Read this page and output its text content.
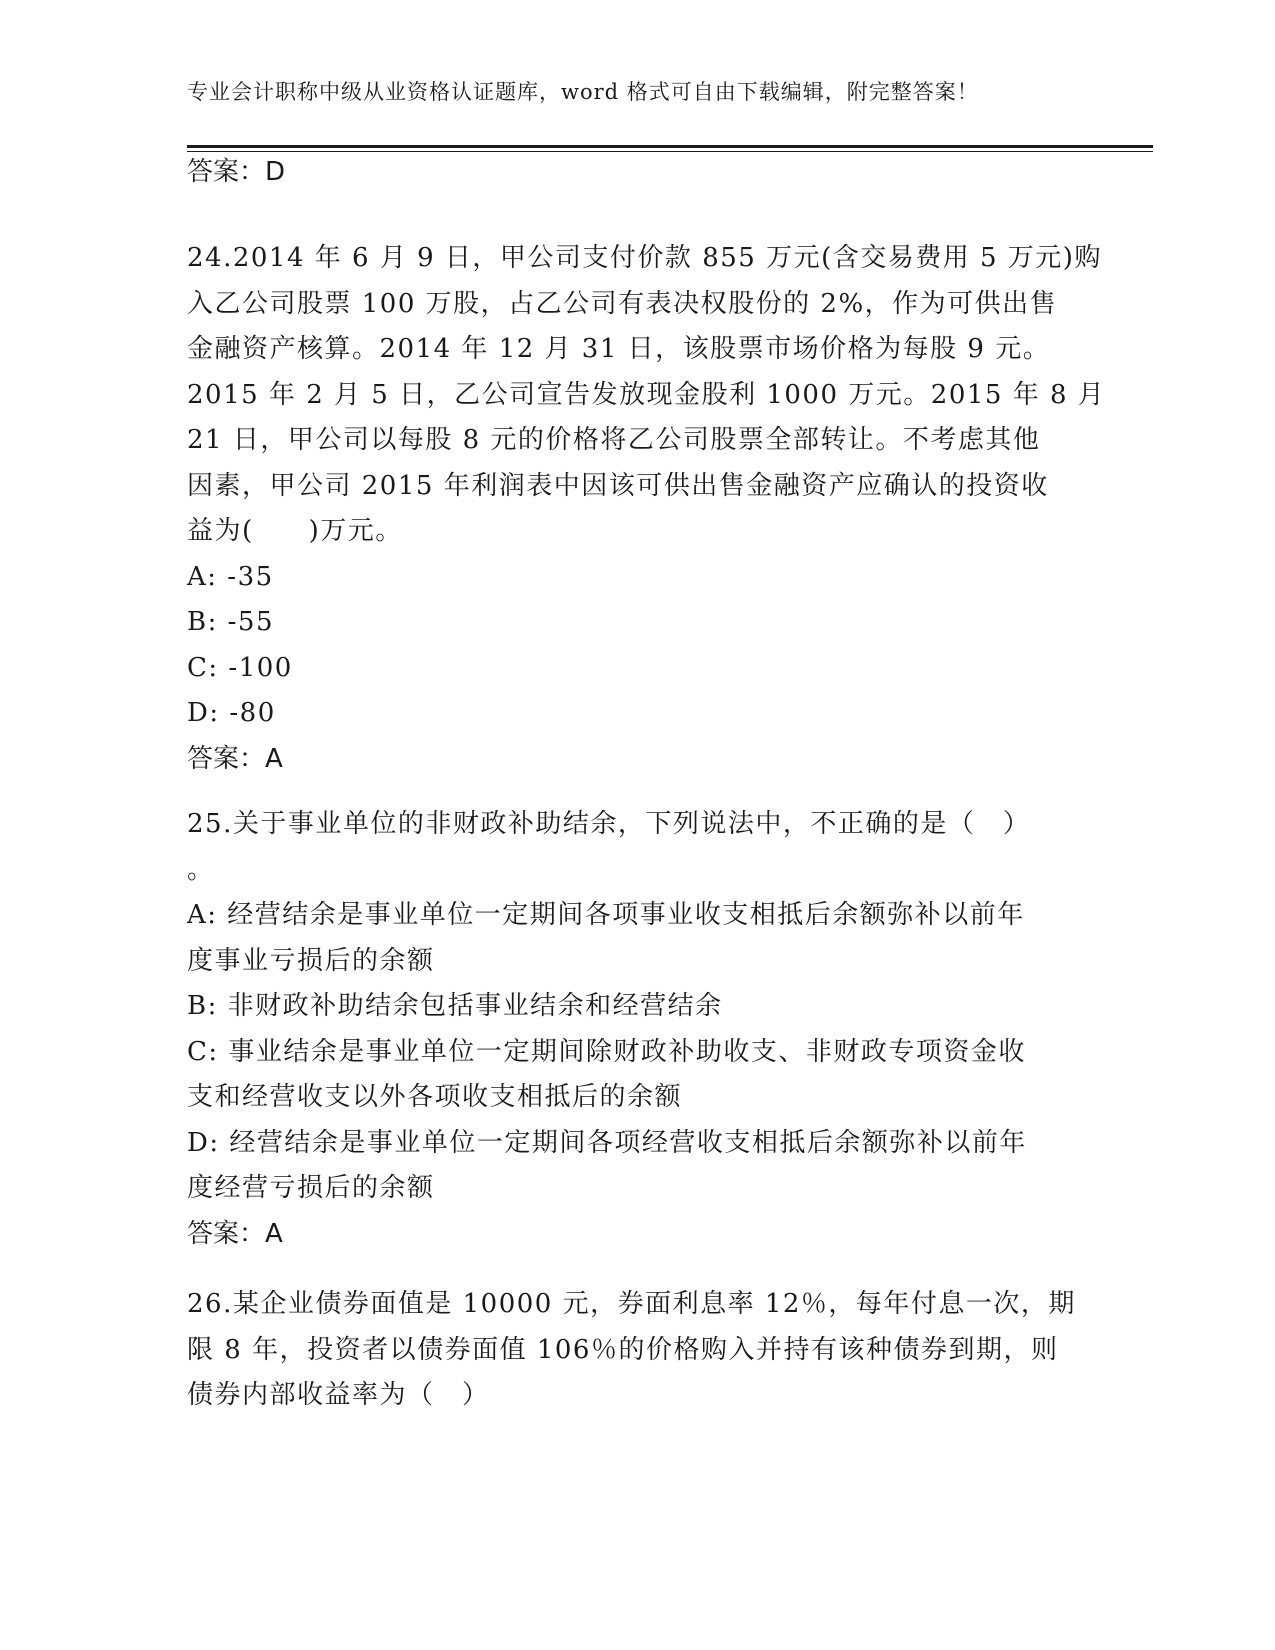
专业会计职称中级从业资格认证题库，word 格式可自由下载编辑，附完整答案！
答案：D
24.2014 年 6 月 9 日，甲公司支付价款 855 万元(含交易费用 5 万元)购
入乙公司股票 100 万股，占乙公司有表决权股份的 2%，作为可供出售
金融资产核算。2014 年 12 月 31 日，该股票市场价格为每股 9 元。
2015 年 2 月 5 日，乙公司宣告发放现金股利 1000 万元。2015 年 8 月
21 日，甲公司以每股 8 元的价格将乙公司股票全部转让。不考虑其他
因素，甲公司 2015 年利润表中因该可供出售金融资产应确认的投资收
益为(　　)万元。
A: -35
B: -55
C: -100
D: -80
答案：A
25.关于事业单位的非财政补助结余，下列说法中，不正确的是（　）
。
A: 经营结余是事业单位一定期间各项事业收支相抵后余额弥补以前年
度事业亏损后的余额
B: 非财政补助结余包括事业结余和经营结余
C: 事业结余是事业单位一定期间除财政补助收支、非财政专项资金收
支和经营收支以外各项收支相抵后的余额
D: 经营结余是事业单位一定期间各项经营收支相抵后余额弥补以前年
度经营亏损后的余额
答案：A
26.某企业债券面值是 10000 元，券面利息率 12％，每年付息一次，期
限 8 年，投资者以债券面值 106％的价格购入并持有该种债券到期，则
债券内部收益率为（　）
